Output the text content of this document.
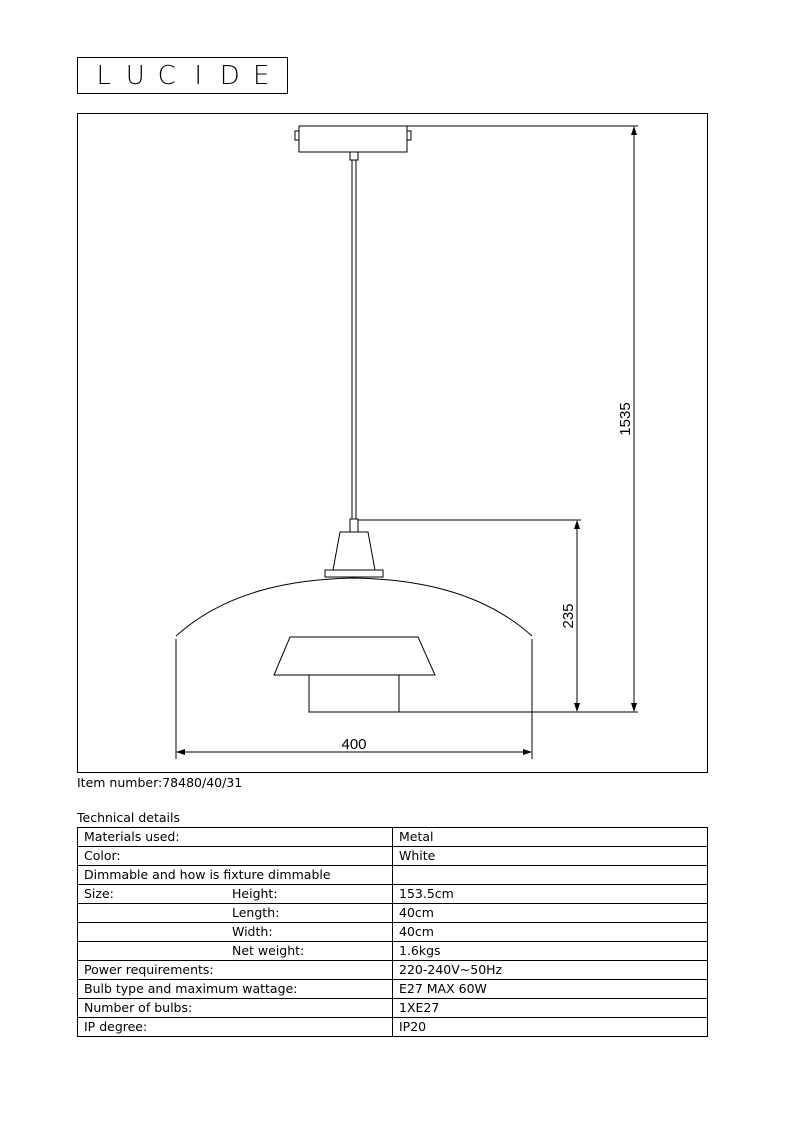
L U C I D E
1535
235
400
Item number:78480/40/31
Technical details
Materials used:	Metal
Color:	White
Dimmable and how is fixture dimmable	
Size: Height:	153.5cm
Length:	40cm
Width:	40cm
Net weight:	1.6kgs
Power requirements:	220-240V~50Hz
Bulb type and maximum wattage:	E27 MAX 60W
Number of bulbs:	1XE27
IP degree:	IP20
